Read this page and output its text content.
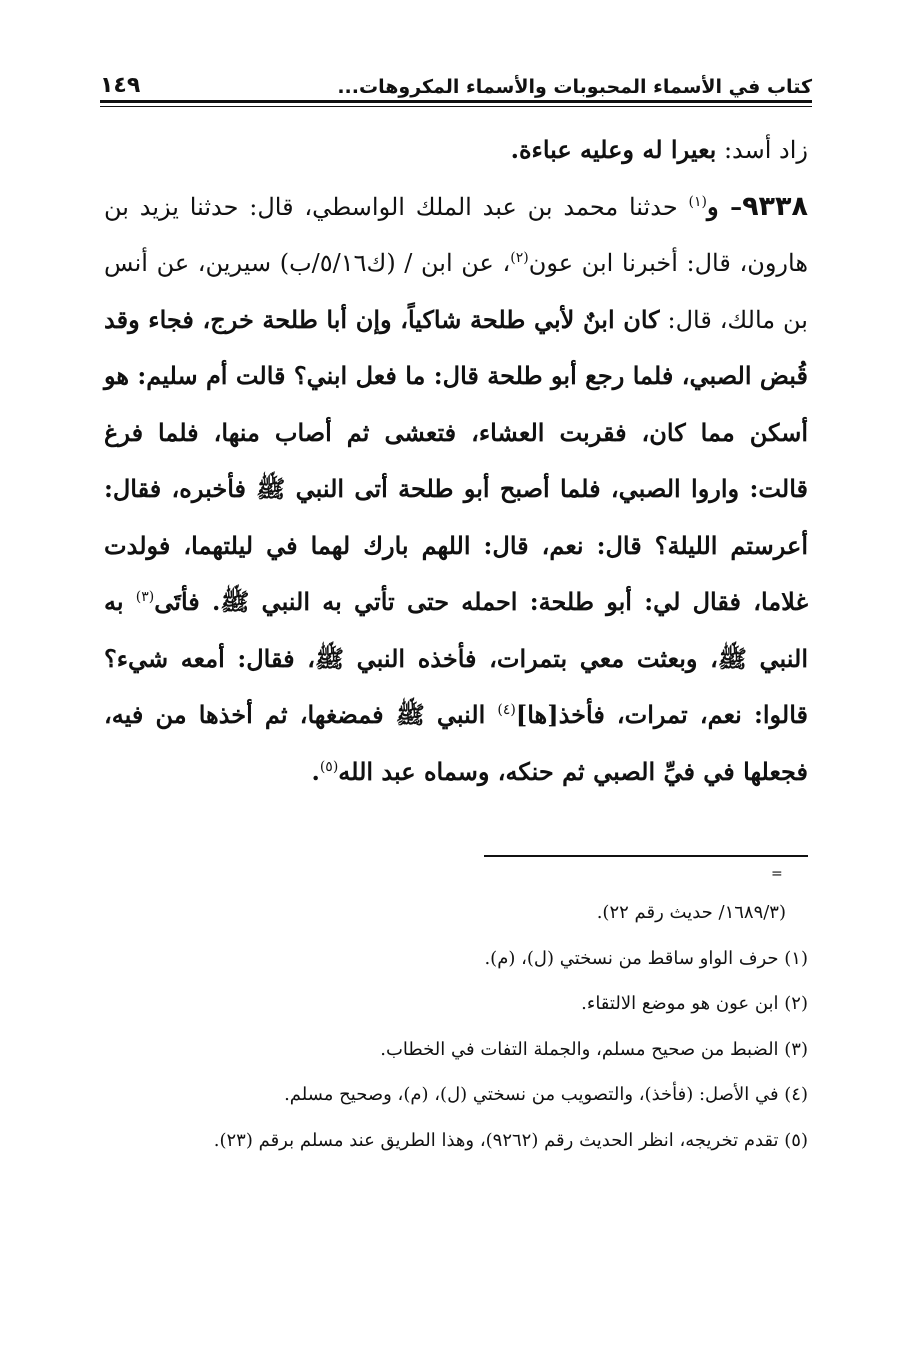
١٤٩	كتاب في الأسماء المحبوبات والأسماء المكروهات...

زاد أسد: بعيرا له وعليه عباءة.

٩٣٣٨– و$^{(١)}$ حدثنا محمد بن عبد الملك الواسطي، قال: حدثنا يزيد بن هارون، قال: أخبرنا ابن عون$^{(٢)}$، عن ابن / (ك٥/١٦/ب) سيرين، عن أنس بن مالك، قال: كان ابنٌ لأبي طلحة شاكياً، وإن أبا طلحة خرج، فجاء وقد قُبض الصبي، فلما رجع أبو طلحة قال: ما فعل ابني؟ قالت أم سليم: هو أسكن مما كان، فقربت العشاء، فتعشى ثم أصاب منها، فلما فرغ قالت: واروا الصبي، فلما أصبح أبو طلحة أتى النبي ﷺ فأخبره، فقال: أعرستم الليلة؟ قال: نعم، قال: اللهم بارك لهما في ليلتهما، فولدت غلاما، فقال لي: أبو طلحة: احمله حتى تأتي به النبي ﷺ. فأتَى$^{(٣)}$ به النبي ﷺ، وبعثت معي بتمرات، فأخذه النبي ﷺ، فقال: أمعه شيء؟ قالوا: نعم، تمرات، فأخذ[ها]$^{(٤)}$ النبي ﷺ فمضغها، ثم أخذها من فيه، فجعلها في فيِّ الصبي ثم حنكه، وسماه عبد الله$^{(٥)}$.

=
(١٦٨٩/٣/ حديث رقم ٢٢).
(١) حرف الواو ساقط من نسختي (ل)، (م).
(٢) ابن عون هو موضع الالتقاء.
(٣) الضبط من صحيح مسلم، والجملة التفات في الخطاب.
(٤) في الأصل: (فأخذ)، والتصويب من نسختي (ل)، (م)، وصحيح مسلم.
(٥) تقدم تخريجه، انظر الحديث رقم (٩٢٦٢)، وهذا الطريق عند مسلم برقم (٢٣).
